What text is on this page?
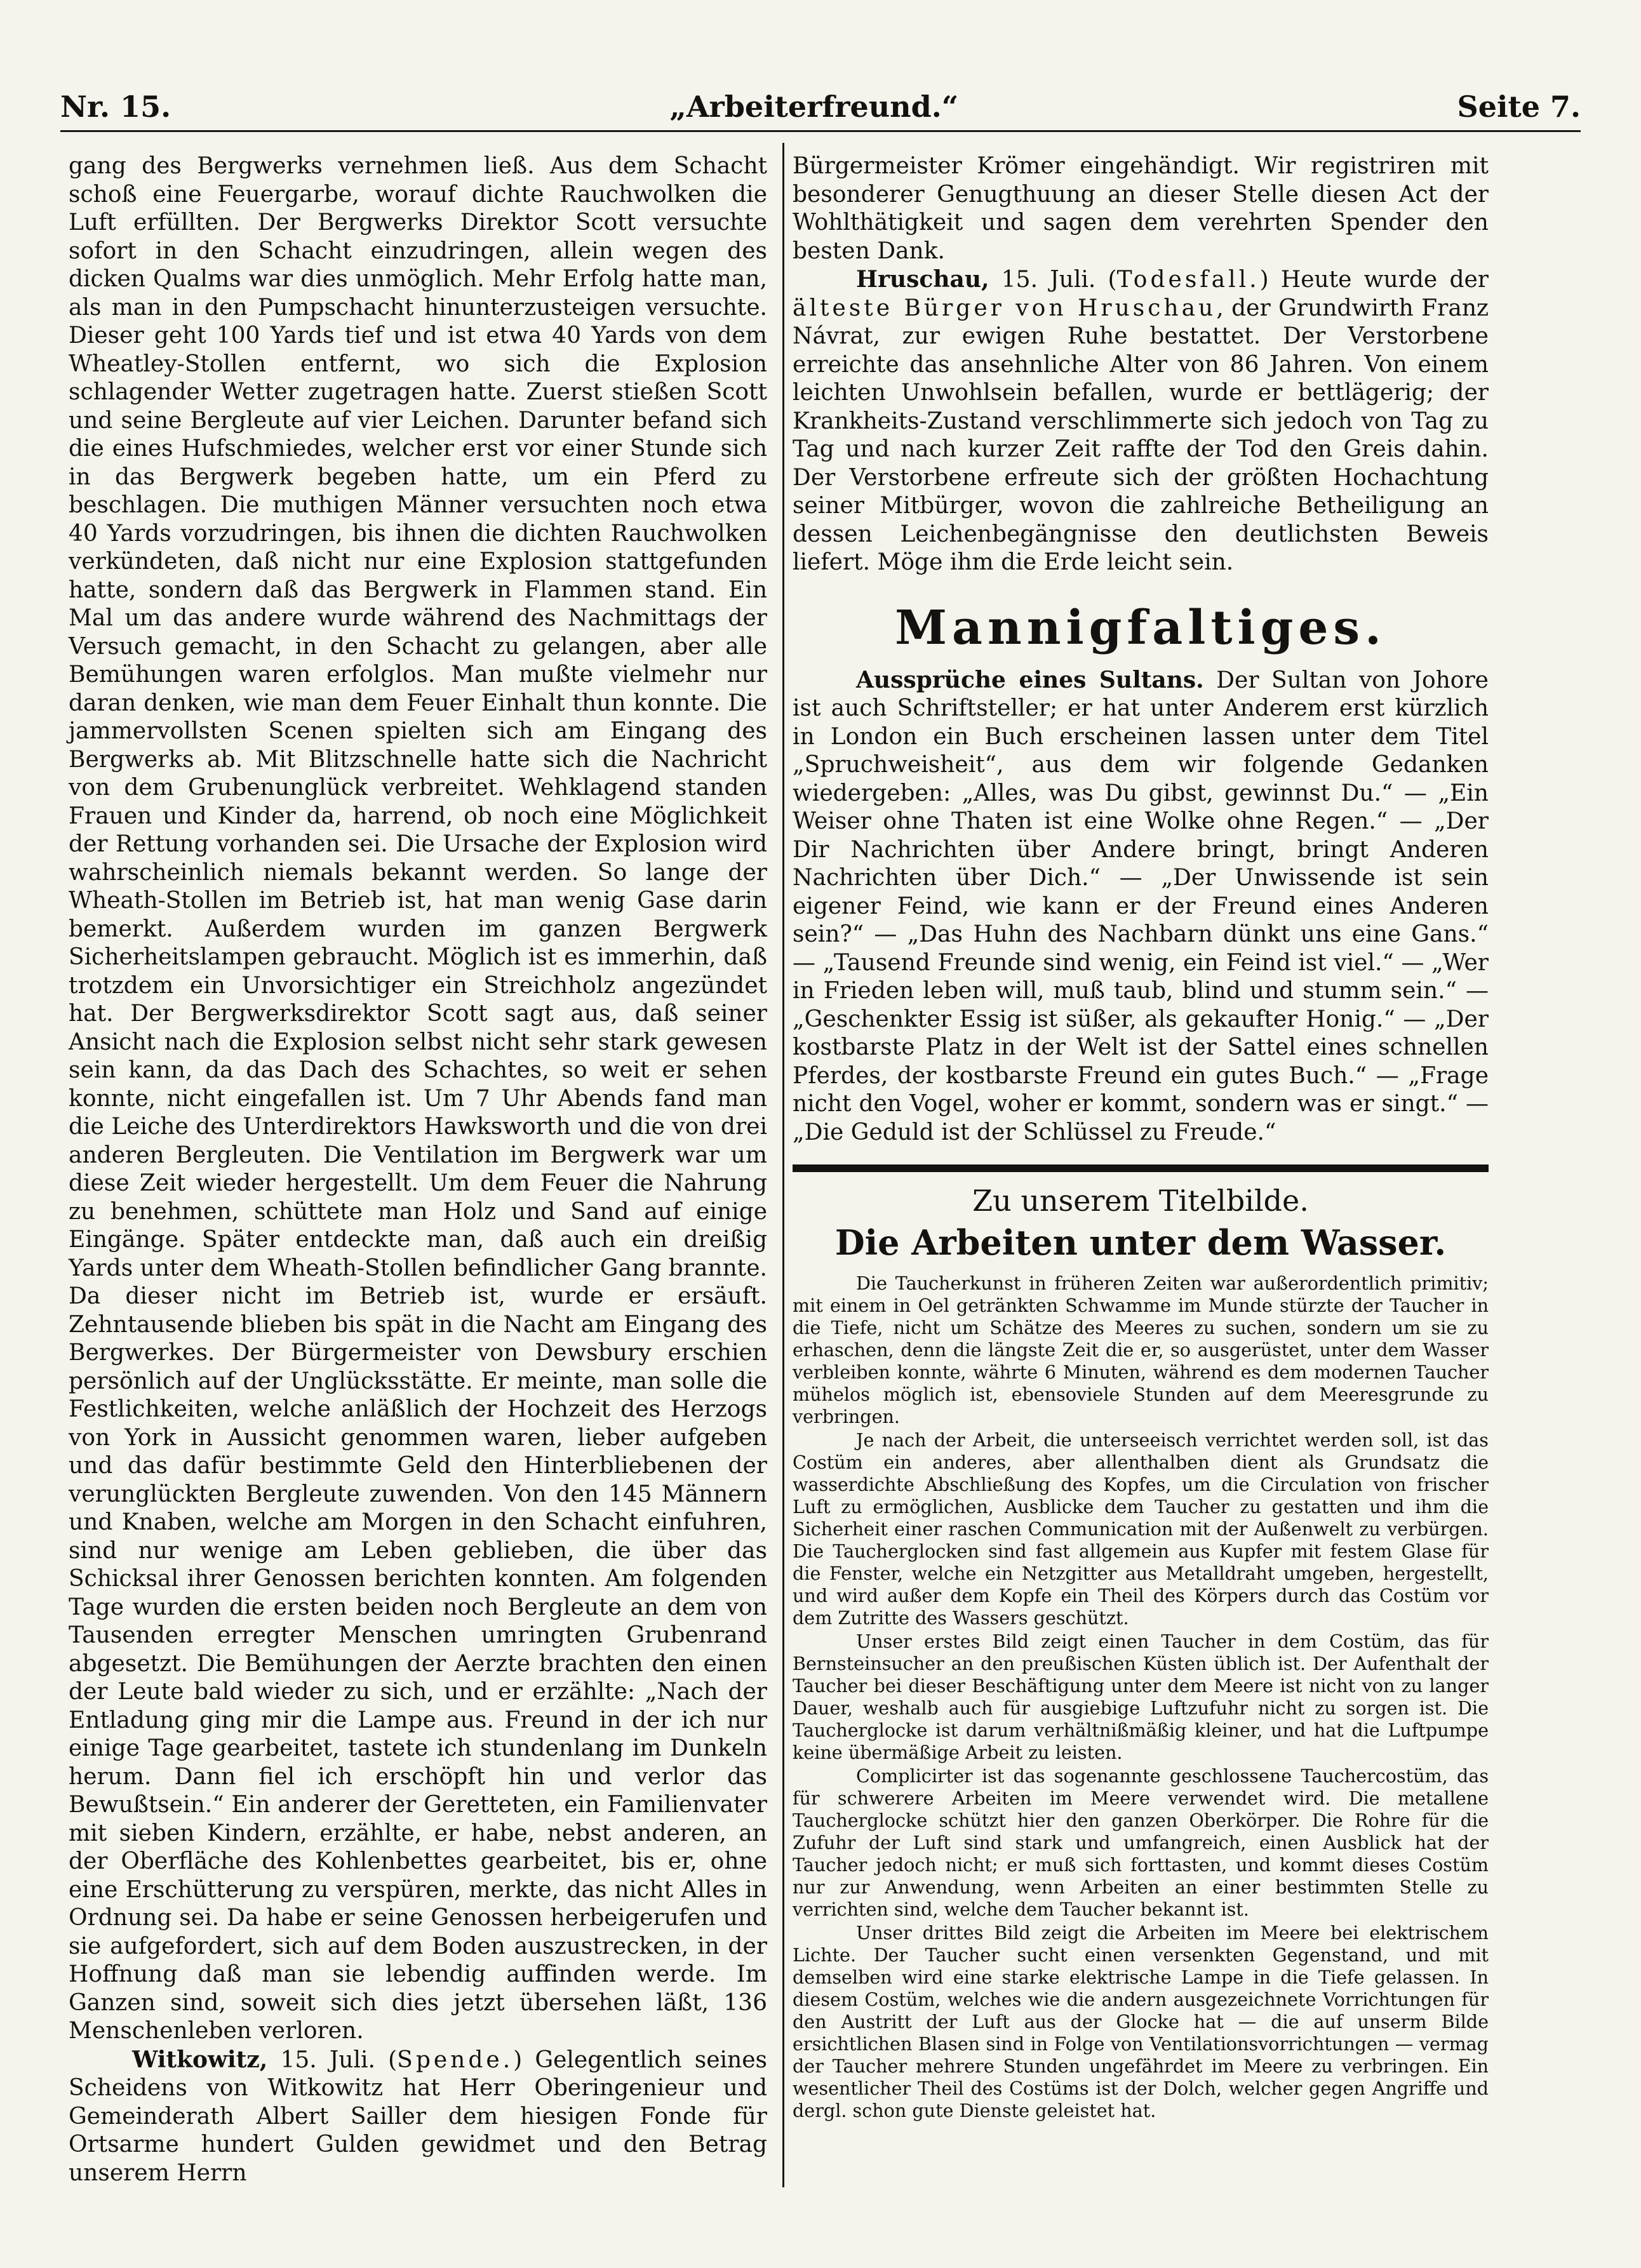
Nr. 15.	„Arbeiterfreund.“	Seite 7.

gang des Bergwerks vernehmen ließ. Aus dem Schacht schoß eine Feuergarbe, worauf dichte Rauchwolken die Luft erfüllten. Der Bergwerks Direktor Scott versuchte sofort in den Schacht einzudringen, allein wegen des dicken Qualms war dies unmöglich. Mehr Erfolg hatte man, als man in den Pumpschacht hinunterzusteigen versuchte. Dieser geht 100 Yards tief und ist etwa 40 Yards von dem Wheatley-Stollen entfernt, wo sich die Explosion schlagender Wetter zugetragen hatte. Zuerst stießen Scott und seine Bergleute auf vier Leichen. Darunter befand sich die eines Hufschmiedes, welcher erst vor einer Stunde sich in das Bergwerk begeben hatte, um ein Pferd zu beschlagen. Die muthigen Männer versuchten noch etwa 40 Yards vorzudringen, bis ihnen die dichten Rauchwolken verkündeten, daß nicht nur eine Explosion stattgefunden hatte, sondern daß das Bergwerk in Flammen stand. Ein Mal um das andere wurde während des Nachmittags der Versuch gemacht, in den Schacht zu gelangen, aber alle Bemühungen waren erfolglos. Man mußte vielmehr nur daran denken, wie man dem Feuer Einhalt thun konnte. Die jammervollsten Scenen spielten sich am Eingang des Bergwerks ab. Mit Blitzschnelle hatte sich die Nachricht von dem Grubenunglück verbreitet. Wehklagend standen Frauen und Kinder da, harrend, ob noch eine Möglichkeit der Rettung vorhanden sei. Die Ursache der Explosion wird wahrscheinlich niemals bekannt werden. So lange der Wheath-Stollen im Betrieb ist, hat man wenig Gase darin bemerkt. Außerdem wurden im ganzen Bergwerk Sicherheitslampen gebraucht. Möglich ist es immerhin, daß trotzdem ein Unvorsichtiger ein Streichholz angezündet hat. Der Bergwerksdirektor Scott sagt aus, daß seiner Ansicht nach die Explosion selbst nicht sehr stark gewesen sein kann, da das Dach des Schachtes, so weit er sehen konnte, nicht eingefallen ist. Um 7 Uhr Abends fand man die Leiche des Unterdirektors Hawksworth und die von drei anderen Bergleuten. Die Ventilation im Bergwerk war um diese Zeit wieder hergestellt. Um dem Feuer die Nahrung zu benehmen, schüttete man Holz und Sand auf einige Eingänge. Später entdeckte man, daß auch ein dreißig Yards unter dem Wheath-Stollen befindlicher Gang brannte. Da dieser nicht im Betrieb ist, wurde er ersäuft. Zehntausende blieben bis spät in die Nacht am Eingang des Bergwerkes. Der Bürgermeister von Dewsbury erschien persönlich auf der Unglücksstätte. Er meinte, man solle die Festlichkeiten, welche anläßlich der Hochzeit des Herzogs von York in Aussicht genommen waren, lieber aufgeben und das dafür bestimmte Geld den Hinterbliebenen der verunglückten Bergleute zuwenden. Von den 145 Männern und Knaben, welche am Morgen in den Schacht einfuhren, sind nur wenige am Leben geblieben, die über das Schicksal ihrer Genossen berichten konnten. Am folgenden Tage wurden die ersten beiden noch Bergleute an dem von Tausenden erregter Menschen umringten Grubenrand abgesetzt. Die Bemühungen der Aerzte brachten den einen der Leute bald wieder zu sich, und er erzählte: „Nach der Entladung ging mir die Lampe aus. Freund in der ich nur einige Tage gearbeitet, tastete ich stundenlang im Dunkeln herum. Dann fiel ich erschöpft hin und verlor das Bewußtsein.“ Ein anderer der Geretteten, ein Familienvater mit sieben Kindern, erzählte, er habe, nebst anderen, an der Oberfläche des Kohlenbettes gearbeitet, bis er, ohne eine Erschütterung zu verspüren, merkte, das nicht Alles in Ordnung sei. Da habe er seine Genossen herbeigerufen und sie aufgefordert, sich auf dem Boden auszustrecken, in der Hoffnung daß man sie lebendig auffinden werde. Im Ganzen sind, soweit sich dies jetzt übersehen läßt, 136 Menschenleben verloren.

Witkowitz, 15. Juli. (Spende.) Gelegentlich seines Scheidens von Witkowitz hat Herr Oberingenieur und Gemeinderath Albert Sailler dem hiesigen Fonde für Ortsarme hundert Gulden gewidmet und den Betrag unserem Herrn

Bürgermeister Krömer eingehändigt. Wir registriren mit besonderer Genugthuung an dieser Stelle diesen Act der Wohlthätigkeit und sagen dem verehrten Spender den besten Dank.

Hruschau, 15. Juli. (Todesfall.) Heute wurde der älteste Bürger von Hruschau, der Grundwirth Franz Návrat, zur ewigen Ruhe bestattet. Der Verstorbene erreichte das ansehnliche Alter von 86 Jahren. Von einem leichten Unwohlsein befallen, wurde er bettlägerig; der Krankheits-Zustand verschlimmerte sich jedoch von Tag zu Tag und nach kurzer Zeit raffte der Tod den Greis dahin. Der Verstorbene erfreute sich der größten Hochachtung seiner Mitbürger, wovon die zahlreiche Betheiligung an dessen Leichenbegängnisse den deutlichsten Beweis liefert. Möge ihm die Erde leicht sein.

Mannigfaltiges.

Aussprüche eines Sultans. Der Sultan von Johore ist auch Schriftsteller; er hat unter Anderem erst kürzlich in London ein Buch erscheinen lassen unter dem Titel „Spruchweisheit“, aus dem wir folgende Gedanken wiedergeben: „Alles, was Du gibst, gewinnst Du.“ — „Ein Weiser ohne Thaten ist eine Wolke ohne Regen.“ — „Der Dir Nachrichten über Andere bringt, bringt Anderen Nachrichten über Dich.“ — „Der Unwissende ist sein eigener Feind, wie kann er der Freund eines Anderen sein?“ — „Das Huhn des Nachbarn dünkt uns eine Gans.“ — „Tausend Freunde sind wenig, ein Feind ist viel.“ — „Wer in Frieden leben will, muß taub, blind und stumm sein.“ — „Geschenkter Essig ist süßer, als gekaufter Honig.“ — „Der kostbarste Platz in der Welt ist der Sattel eines schnellen Pferdes, der kostbarste Freund ein gutes Buch.“ — „Frage nicht den Vogel, woher er kommt, sondern was er singt.“ — „Die Geduld ist der Schlüssel zu Freude.“

Zu unserem Titelbilde.
Die Arbeiten unter dem Wasser.

Die Taucherkunst in früheren Zeiten war außerordentlich primitiv; mit einem in Oel getränkten Schwamme im Munde stürzte der Taucher in die Tiefe, nicht um Schätze des Meeres zu suchen, sondern um sie zu erhaschen, denn die längste Zeit die er, so ausgerüstet, unter dem Wasser verbleiben konnte, währte 6 Minuten, während es dem modernen Taucher mühelos möglich ist, ebensoviele Stunden auf dem Meeresgrunde zu verbringen.

Je nach der Arbeit, die unterseeisch verrichtet werden soll, ist das Costüm ein anderes, aber allenthalben dient als Grundsatz die wasserdichte Abschließung des Kopfes, um die Circulation von frischer Luft zu ermöglichen, Ausblicke dem Taucher zu gestatten und ihm die Sicherheit einer raschen Communication mit der Außenwelt zu verbürgen. Die Taucherglocken sind fast allgemein aus Kupfer mit festem Glase für die Fenster, welche ein Netzgitter aus Metalldraht umgeben, hergestellt, und wird außer dem Kopfe ein Theil des Körpers durch das Costüm vor dem Zutritte des Wassers geschützt.

Unser erstes Bild zeigt einen Taucher in dem Costüm, das für Bernsteinsucher an den preußischen Küsten üblich ist. Der Aufenthalt der Taucher bei dieser Beschäftigung unter dem Meere ist nicht von zu langer Dauer, weshalb auch für ausgiebige Luftzufuhr nicht zu sorgen ist. Die Taucherglocke ist darum verhältnißmäßig kleiner, und hat die Luftpumpe keine übermäßige Arbeit zu leisten.

Complicirter ist das sogenannte geschlossene Tauchercostüm, das für schwerere Arbeiten im Meere verwendet wird. Die metallene Taucherglocke schützt hier den ganzen Oberkörper. Die Rohre für die Zufuhr der Luft sind stark und umfangreich, einen Ausblick hat der Taucher jedoch nicht; er muß sich forttasten, und kommt dieses Costüm nur zur Anwendung, wenn Arbeiten an einer bestimmten Stelle zu verrichten sind, welche dem Taucher bekannt ist.

Unser drittes Bild zeigt die Arbeiten im Meere bei elektrischem Lichte. Der Taucher sucht einen versenkten Gegenstand, und mit demselben wird eine starke elektrische Lampe in die Tiefe gelassen. In diesem Costüm, welches wie die andern ausgezeichnete Vorrichtungen für den Austritt der Luft aus der Glocke hat — die auf unserm Bilde ersichtlichen Blasen sind in Folge von Ventilationsvorrichtungen — vermag der Taucher mehrere Stunden ungefährdet im Meere zu verbringen. Ein wesentlicher Theil des Costüms ist der Dolch, welcher gegen Angriffe und dergl. schon gute Dienste geleistet hat.
